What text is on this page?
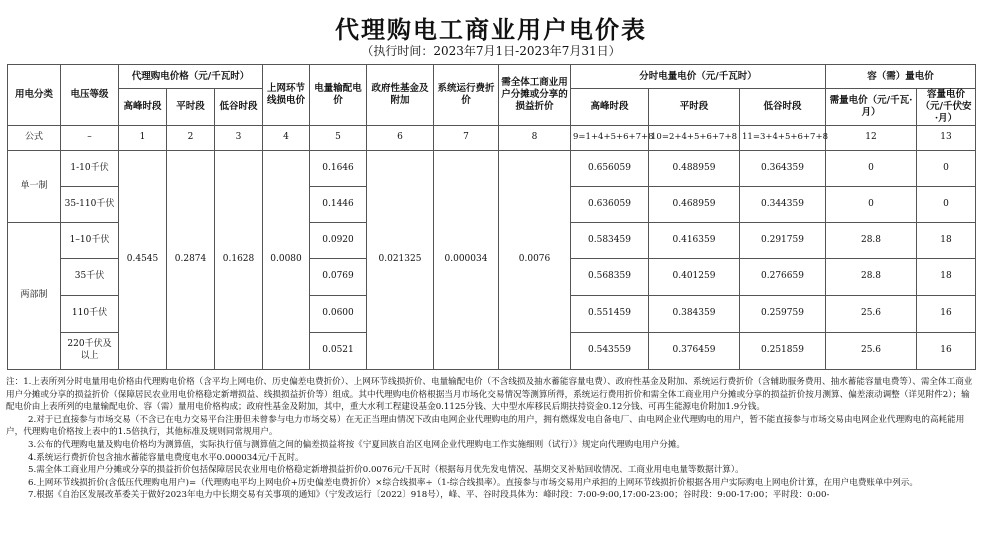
代理购电工商业用户电价表
（执行时间：2023年7月1日-2023年7月31日）
用电分类	电压等级	代理购电价格（元/千瓦时）			上网环节线损电价	电量输配电价	政府性基金及附加	系统运行费折价	需全体工商业用户分摊或分享的损益折价	分时电量电价（元/千瓦时）			容（需）量电价	
		高峰时段	平时段	低谷时段						高峰时段	平时段	低谷时段	需量电价（元/千瓦·月）	容量电价（元/千伏安·月）
公式	–	1	2	3	4	5	6	7	8	9=1+4+5+6+7+8	10=2+4+5+6+7+8	11=3+4+5+6+7+8	12	13
单一制	1-10千伏	0.4545	0.2874	0.1628	0.0080	0.1646	0.021325	0.000034	0.0076	0.656059	0.488959	0.364359	0	0
	35-110千伏					0.1446				0.636059	0.468959	0.344359	0	0
两部制	1–10千伏					0.0920				0.583459	0.416359	0.291759	28.8	18
	35千伏					0.0769				0.568359	0.401259	0.276659	28.8	18
	110千伏					0.0600				0.551459	0.384359	0.259759	25.6	16
	220千伏及以上					0.0521				0.543559	0.376459	0.251859	25.6	16

注：1.上表所列分时电量用电价格由代理购电价格（含平均上网电价、历史偏差电费折价）、上网环节线损折价、电量输配电价（不含线损及抽水蓄能容量电费）、政府性基金及附加、系统运行费折价（含辅助服务费用、抽水蓄能容量电费等）、需全体工商业用户分摊或分享的损益折价（保障居民农业用电价格稳定新增损益、线损损益折价等）组成。其中代理购电价格根据当月市场化交易情况等测算所得，系统运行费用折价和需全体工商业用户分摊或分享的损益折价按月测算、偏差滚动调整（详见附件2）；输配电价由上表所列的电量输配电价、容（需）量用电价格构成；政府性基金及附加，其中，重大水利工程建设基金0.1125分钱、大中型水库移民后期扶持资金0.12分钱、可再生能源电价附加1.9分钱。

2.对于已直接参与市场交易（不含已在电力交易平台注册但未曾参与电力市场交易）在无正当理由情况下改由电网企业代理购电的用户，拥有燃煤发电自备电厂、由电网企业代理购电的用户，暂不能直接参与市场交易由电网企业代理购电的高耗能用户，代理购电价格按上表中的1.5倍执行，其他标准及规则同常规用户。

3.公布的代理购电量及购电价格均为测算值，实际执行值与测算值之间的偏差损益将按《宁夏回族自治区电网企业代理购电工作实施细则（试行）》规定向代理购电用户分摊。

4.系统运行费折价包含抽水蓄能容量电费度电水平0.000034元/千瓦时。

5.需全体工商业用户分摊或分享的损益折价包括保障居民农业用电价格稳定新增损益折价0.0076元/千瓦时（根据每月优先发电情况、基期交叉补贴回收情况、工商业用电电量等数据计算）。

6.上网环节线损折价(含低压代理购电用户)=（代理购电平均上网电价+历史偏差电费折价）×综合线损率÷（1-综合线损率）。直接参与市场交易用户承担的上网环节线损折价根据各用户实际购电上网电价计算，在用户电费账单中列示。

7.根据《自治区发展改革委关于做好2023年电力中长期交易有关事项的通知》（宁发改运行〔2022〕918号），峰、平、谷时段具体为：峰时段：7:00-9:00,17:00-23:00；谷时段：9:00-17:00；平时段：0:00-
